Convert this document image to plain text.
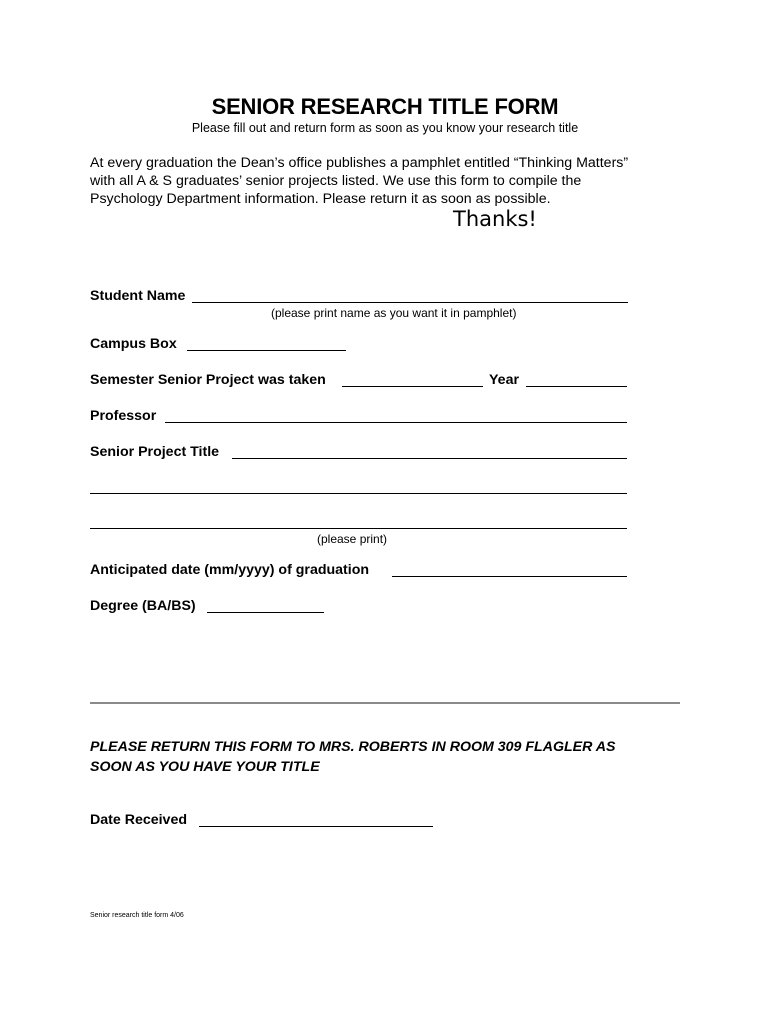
SENIOR RESEARCH TITLE FORM
Please fill out and return form as soon as you know your research title
At every graduation the Dean’s office publishes a pamphlet entitled “Thinking Matters”
with all A & S graduates’ senior projects listed. We use this form to compile the
Psychology Department information. Please return it as soon as possible.
Thanks!
Student Name
(please print name as you want it in pamphlet)
Campus Box
Semester Senior Project was taken	Year
Professor
Senior Project Title
(please print)
Anticipated date (mm/yyyy) of graduation
Degree (BA/BS)
PLEASE RETURN THIS FORM TO MRS. ROBERTS IN ROOM 309 FLAGLER AS
SOON AS YOU HAVE YOUR TITLE
Date Received
Senior research title form 4/06
